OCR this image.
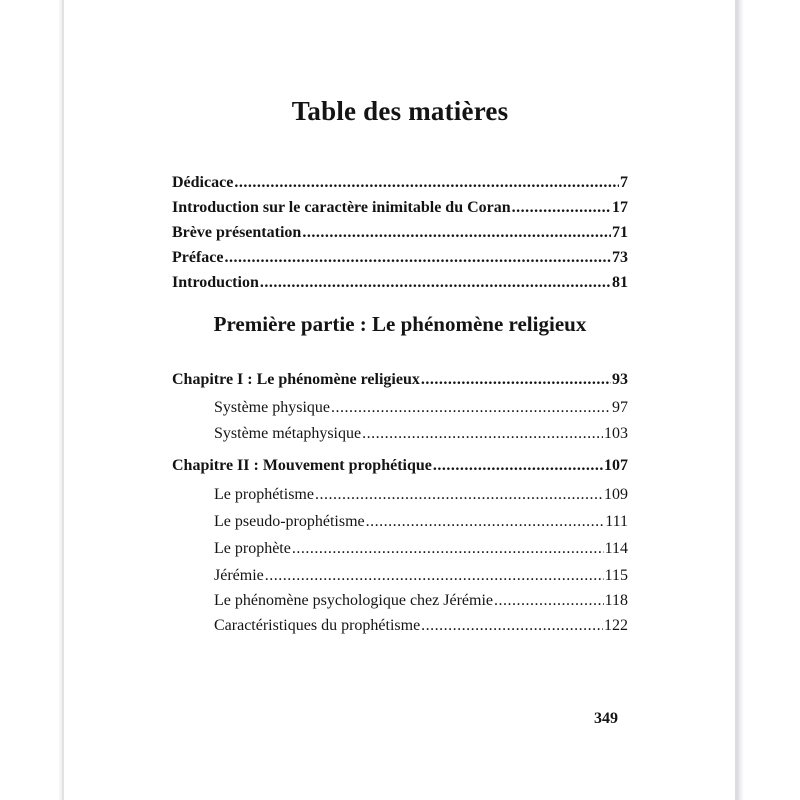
Table des matières
Dédicace .....	7
Introduction sur le caractère inimitable du Coran .....	17
Brève présentation .....	71
Préface .....	73
Introduction .....	81
Première partie : Le phénomène religieux
Chapitre I : Le phénomène religieux .....	93
Système physique .....	97
Système métaphysique .....	103
Chapitre II : Mouvement prophétique .....	107
Le prophétisme .....	109
Le pseudo-prophétisme .....	111
Le prophète .....	114
Jérémie .....	115
Le phénomène psychologique chez Jérémie .....	118
Caractéristiques du prophétisme .....	122
349
